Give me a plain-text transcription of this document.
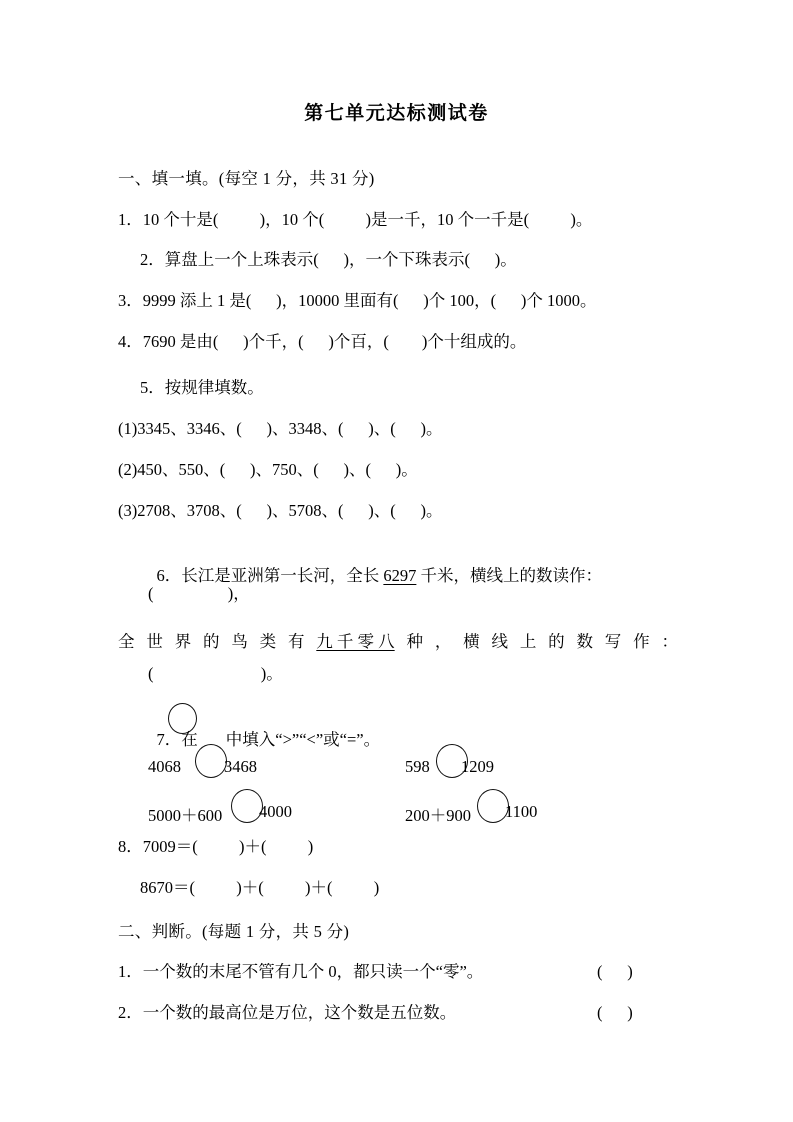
第七单元达标测试卷
一、填一填。(每空 1 分，共 31 分)
1．10 个十是(          )，10 个(          )是一千，10 个一千是(          )。
2．算盘上一个上珠表示(      )，一个下珠表示(      )。
3．9999 添上 1 是(      )，10000 里面有(      )个 100，(      )个 1000。
4．7690 是由(      )个千，(      )个百，(        )个十组成的。
5．按规律填数。
(1)3345、3346、(      )、3348、(      )、(      )。
(2)450、550、(      )、750、(      )、(      )。
(3)2708、3708、(      )、5708、(      )、(      )。

6．长江是亚洲第一长河，全长 6297 千米，横线上的数读作：

(                  )，
全 世 界 的 鸟 类 有 九 千 零 八 种 ， 横 线 上 的 数 写 作 ：
(                          )。

7．在 中填入“>”“<”或“=”。

4068	3468	598 1209
5000＋600 4000	200＋900 1100
8．7009＝(          )＋(          )
8670＝(          )＋(          )＋(          )
二、判断。(每题 1 分，共 5 分)
1．一个数的末尾不管有几个 0，都只读一个“零”。	(      )
2．一个数的最高位是万位，这个数是五位数。	(      )
